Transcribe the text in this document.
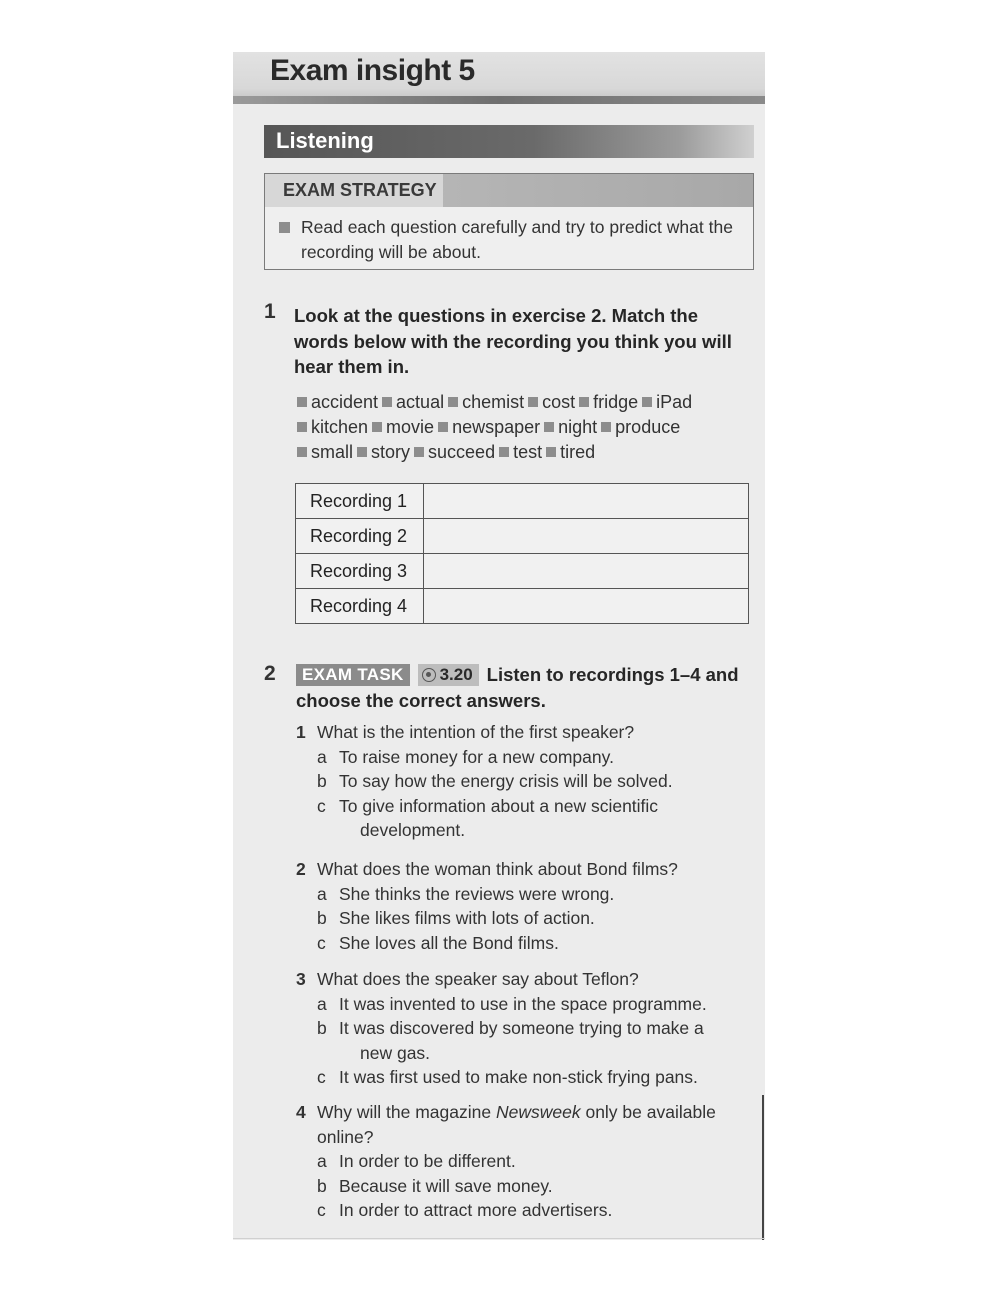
Exam insight 5
Listening
EXAM STRATEGY
Read each question carefully and try to predict what the recording will be about.
1 Look at the questions in exercise 2. Match the words below with the recording you think you will hear them in.
accident actual chemist cost fridge iPad
kitchen movie newspaper night produce
small story succeed test tired
Recording 1	
Recording 2	
Recording 3	
Recording 4	
2	EXAM TASK 3.20 Listen to recordings 1–4 and
choose the correct answers.
1 What is the intention of the first speaker?
a To raise money for a new company.
b To say how the energy crisis will be solved.
c To give information about a new scientific
development.
2 What does the woman think about Bond films?
a She thinks the reviews were wrong.
b She likes films with lots of action.
c She loves all the Bond films.
3 What does the speaker say about Teflon?
a It was invented to use in the space programme.
b It was discovered by someone trying to make a
new gas.
c It was first used to make non-stick frying pans.
4 Why will the magazine Newsweek only be available
online?
a In order to be different.
b Because it will save money.
c In order to attract more advertisers.
